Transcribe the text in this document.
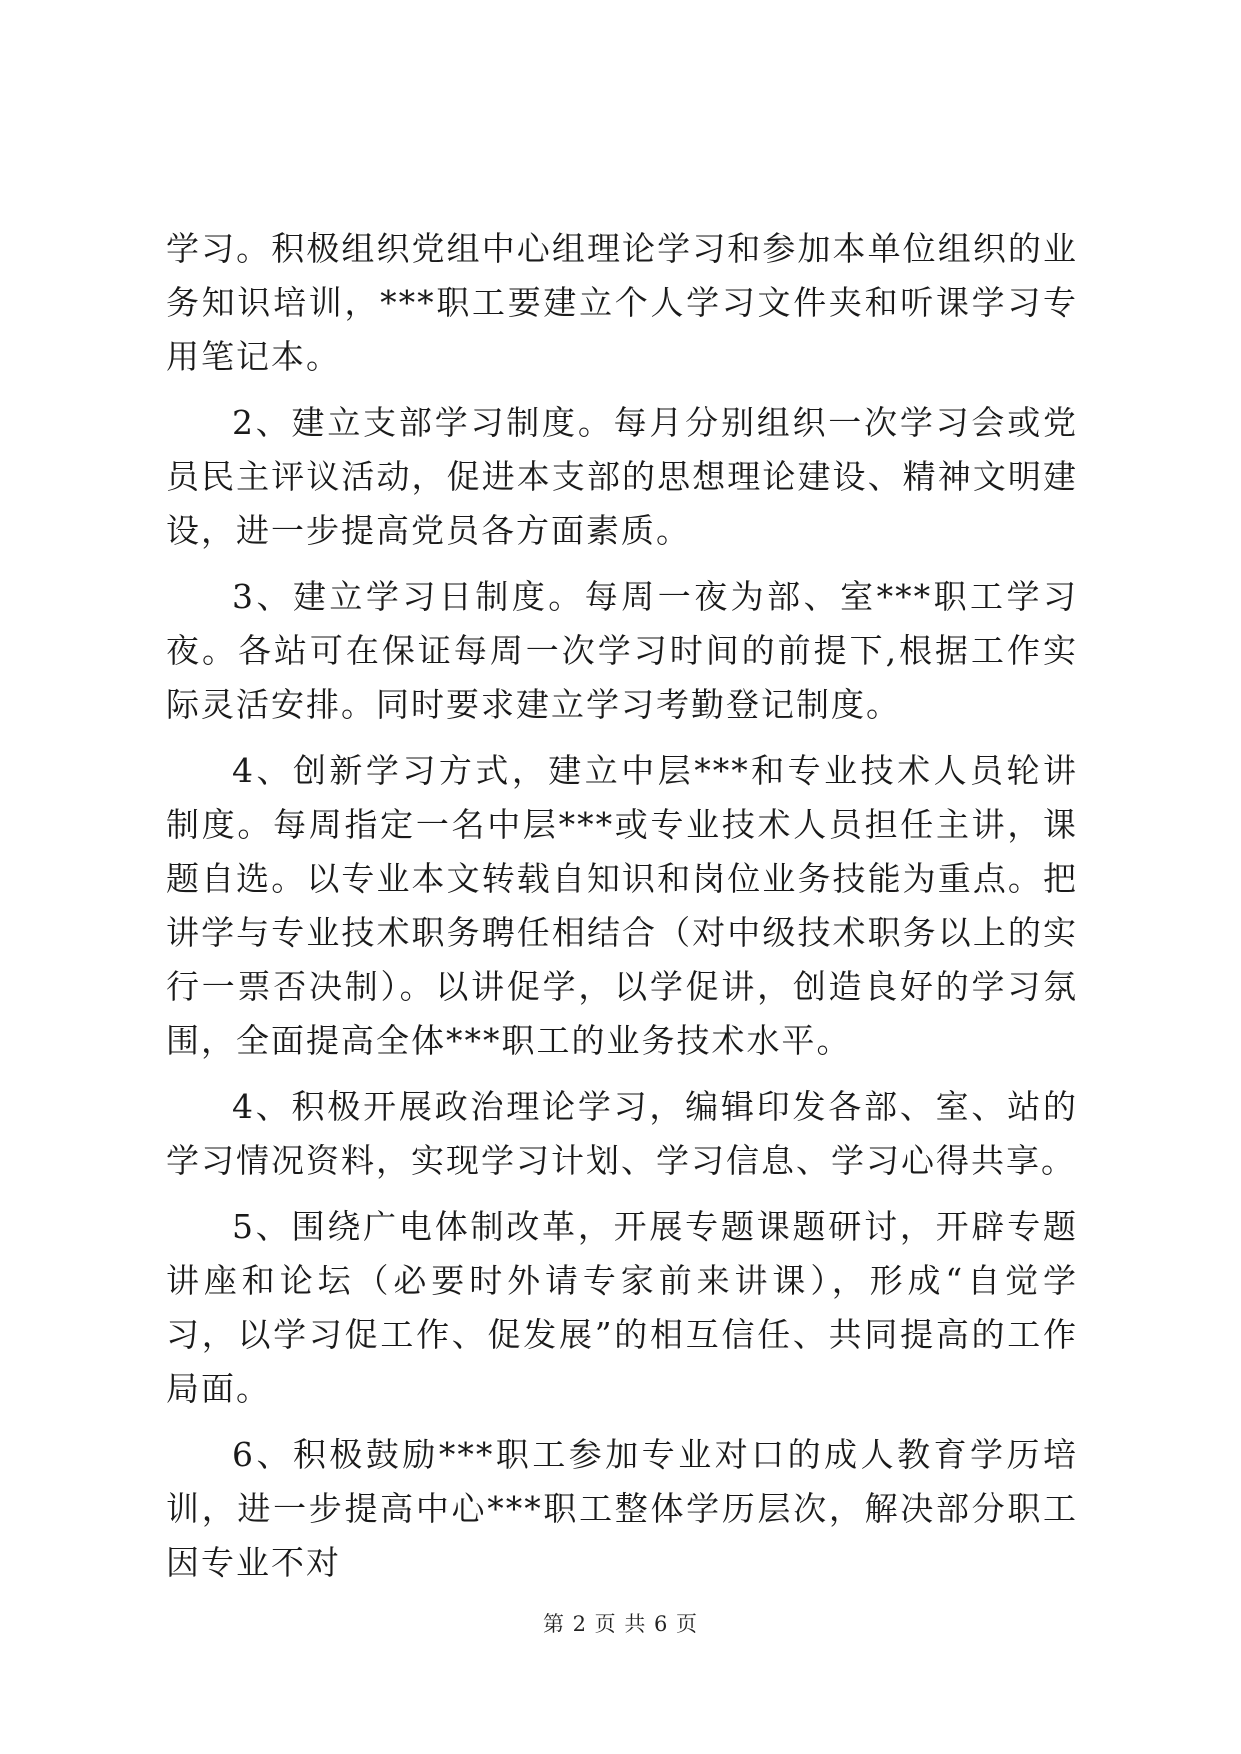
学习。积极组织党组中心组理论学习和参加本单位组织的业务知识培训，***职工要建立个人学习文件夹和听课学习专用笔记本。

2、建立支部学习制度。每月分别组织一次学习会或党员民主评议活动，促进本支部的思想理论建设、精神文明建设，进一步提高党员各方面素质。

3、建立学习日制度。每周一夜为部、室***职工学习夜。各站可在保证每周一次学习时间的前提下,根据工作实际灵活安排。同时要求建立学习考勤登记制度。

4、创新学习方式，建立中层***和专业技术人员轮讲制度。每周指定一名中层***或专业技术人员担任主讲，课题自选。以专业本文转载自知识和岗位业务技能为重点。把讲学与专业技术职务聘任相结合（对中级技术职务以上的实行一票否决制）。以讲促学，以学促讲，创造良好的学习氛围，全面提高全体***职工的业务技术水平。

4、积极开展政治理论学习，编辑印发各部、室、站的学习情况资料，实现学习计划、学习信息、学习心得共享。

5、围绕广电体制改革，开展专题课题研讨，开辟专题讲座和论坛（必要时外请专家前来讲课），形成“自觉学习，以学习促工作、促发展”的相互信任、共同提高的工作局面。

6、积极鼓励***职工参加专业对口的成人教育学历培训，进一步提高中心***职工整体学历层次，解决部分职工因专业不对

第 2 页 共 6 页
